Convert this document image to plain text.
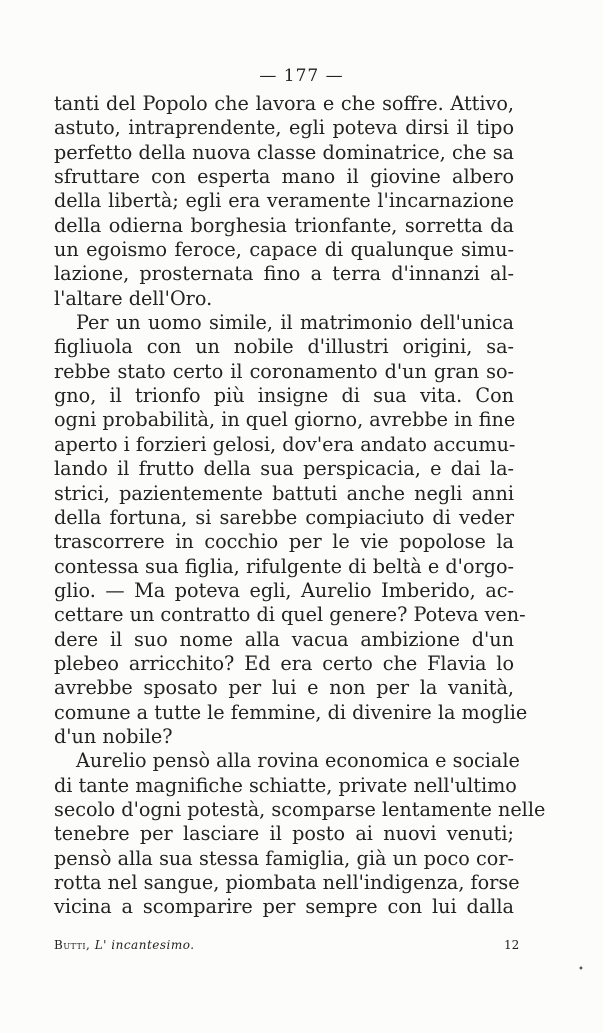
— 177 —
tanti del Popolo che lavora e che soffre. Attivo,
astuto, intraprendente, egli poteva dirsi il tipo
perfetto della nuova classe dominatrice, che sa
sfruttare con esperta mano il giovine albero
della libertà; egli era veramente l'incarnazione
della odierna borghesia trionfante, sorretta da
un egoismo feroce, capace di qualunque simu-
lazione, prosternata fino a terra d'innanzi al-
l'altare dell'Oro.
Per un uomo simile, il matrimonio dell'unica
figliuola con un nobile d'illustri origini, sa-
rebbe stato certo il coronamento d'un gran so-
gno, il trionfo più insigne di sua vita. Con
ogni probabilità, in quel giorno, avrebbe in fine
aperto i forzieri gelosi, dov'era andato accumu-
lando il frutto della sua perspicacia, e dai la-
strici, pazientemente battuti anche negli anni
della fortuna, si sarebbe compiaciuto di veder
trascorrere in cocchio per le vie popolose la
contessa sua figlia, rifulgente di beltà e d'orgo-
glio. — Ma poteva egli, Aurelio Imberido, ac-
cettare un contratto di quel genere? Poteva ven-
dere il suo nome alla vacua ambizione d'un
plebeo arricchito? Ed era certo che Flavia lo
avrebbe sposato per lui e non per la vanità,
comune a tutte le femmine, di divenire la moglie
d'un nobile?
Aurelio pensò alla rovina economica e sociale
di tante magnifiche schiatte, private nell'ultimo
secolo d'ogni potestà, scomparse lentamente nelle
tenebre per lasciare il posto ai nuovi venuti;
pensò alla sua stessa famiglia, già un poco cor-
rotta nel sangue, piombata nell'indigenza, forse
vicina a scomparire per sempre con lui dalla
Butti, L' incantesimo.	12
•
